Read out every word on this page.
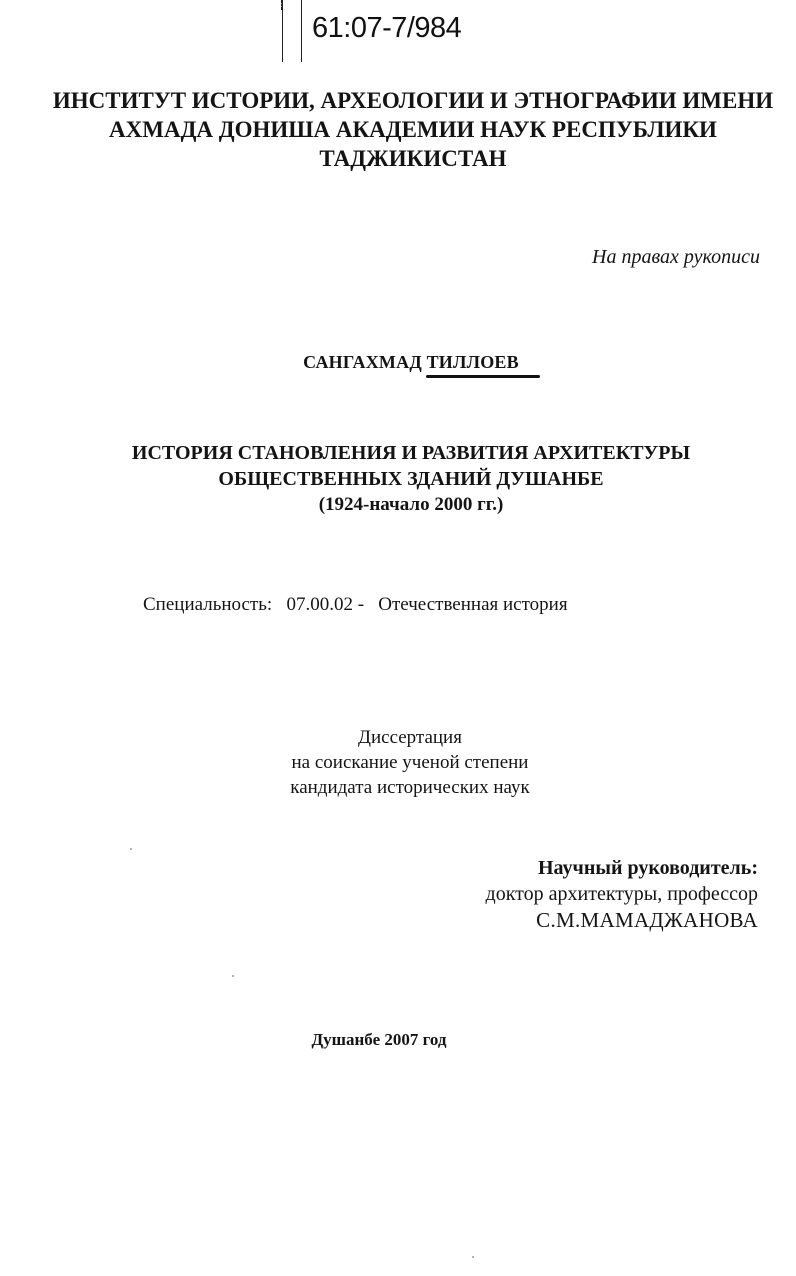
61:07-7/984
ИНСТИТУТ ИСТОРИИ, АРХЕОЛОГИИ И ЭТНОГРАФИИ ИМЕНИ
АХМАДА ДОНИША АКАДЕМИИ НАУК РЕСПУБЛИКИ
ТАДЖИКИСТАН
На правах рукописи
САНГАХМАД ТИЛЛОЕВ
ИСТОРИЯ СТАНОВЛЕНИЯ И РАЗВИТИЯ АРХИТЕКТУРЫ
ОБЩЕСТВЕННЫХ ЗДАНИЙ ДУШАНБЕ
(1924-начало 2000 гг.)
Специальность: 07.00.02 - Отечественная история
Диссертация
на соискание ученой степени
кандидата исторических наук
Научный руководитель:
доктор архитектуры, профессор
С.М.МАМАДЖАНОВА
Душанбе 2007 год
